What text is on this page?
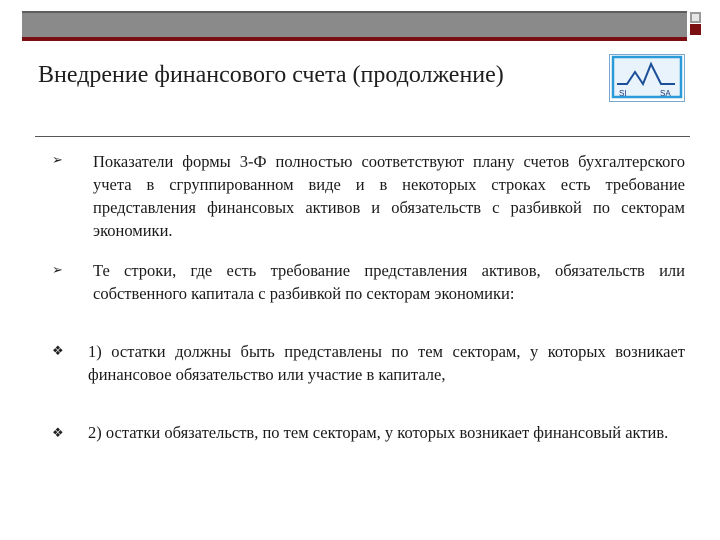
Внедрение финансового счета (продолжение)
SI	SA
➢ Показатели формы 3-Ф полностью соответствуют плану счетов бухгалтерского учета в сгруппированном виде и в некоторых строках есть требование представления финансовых активов и обязательств с разбивкой по секторам экономики.
➢ Те строки, где есть требование представления активов, обязательств или собственного капитала с разбивкой по секторам экономики:
❖ 1) остатки должны быть представлены по тем секторам, у которых возникает финансовое обязательство или участие в капитале,
❖ 2) остатки обязательств, по тем секторам, у которых возникает финансовый актив.
